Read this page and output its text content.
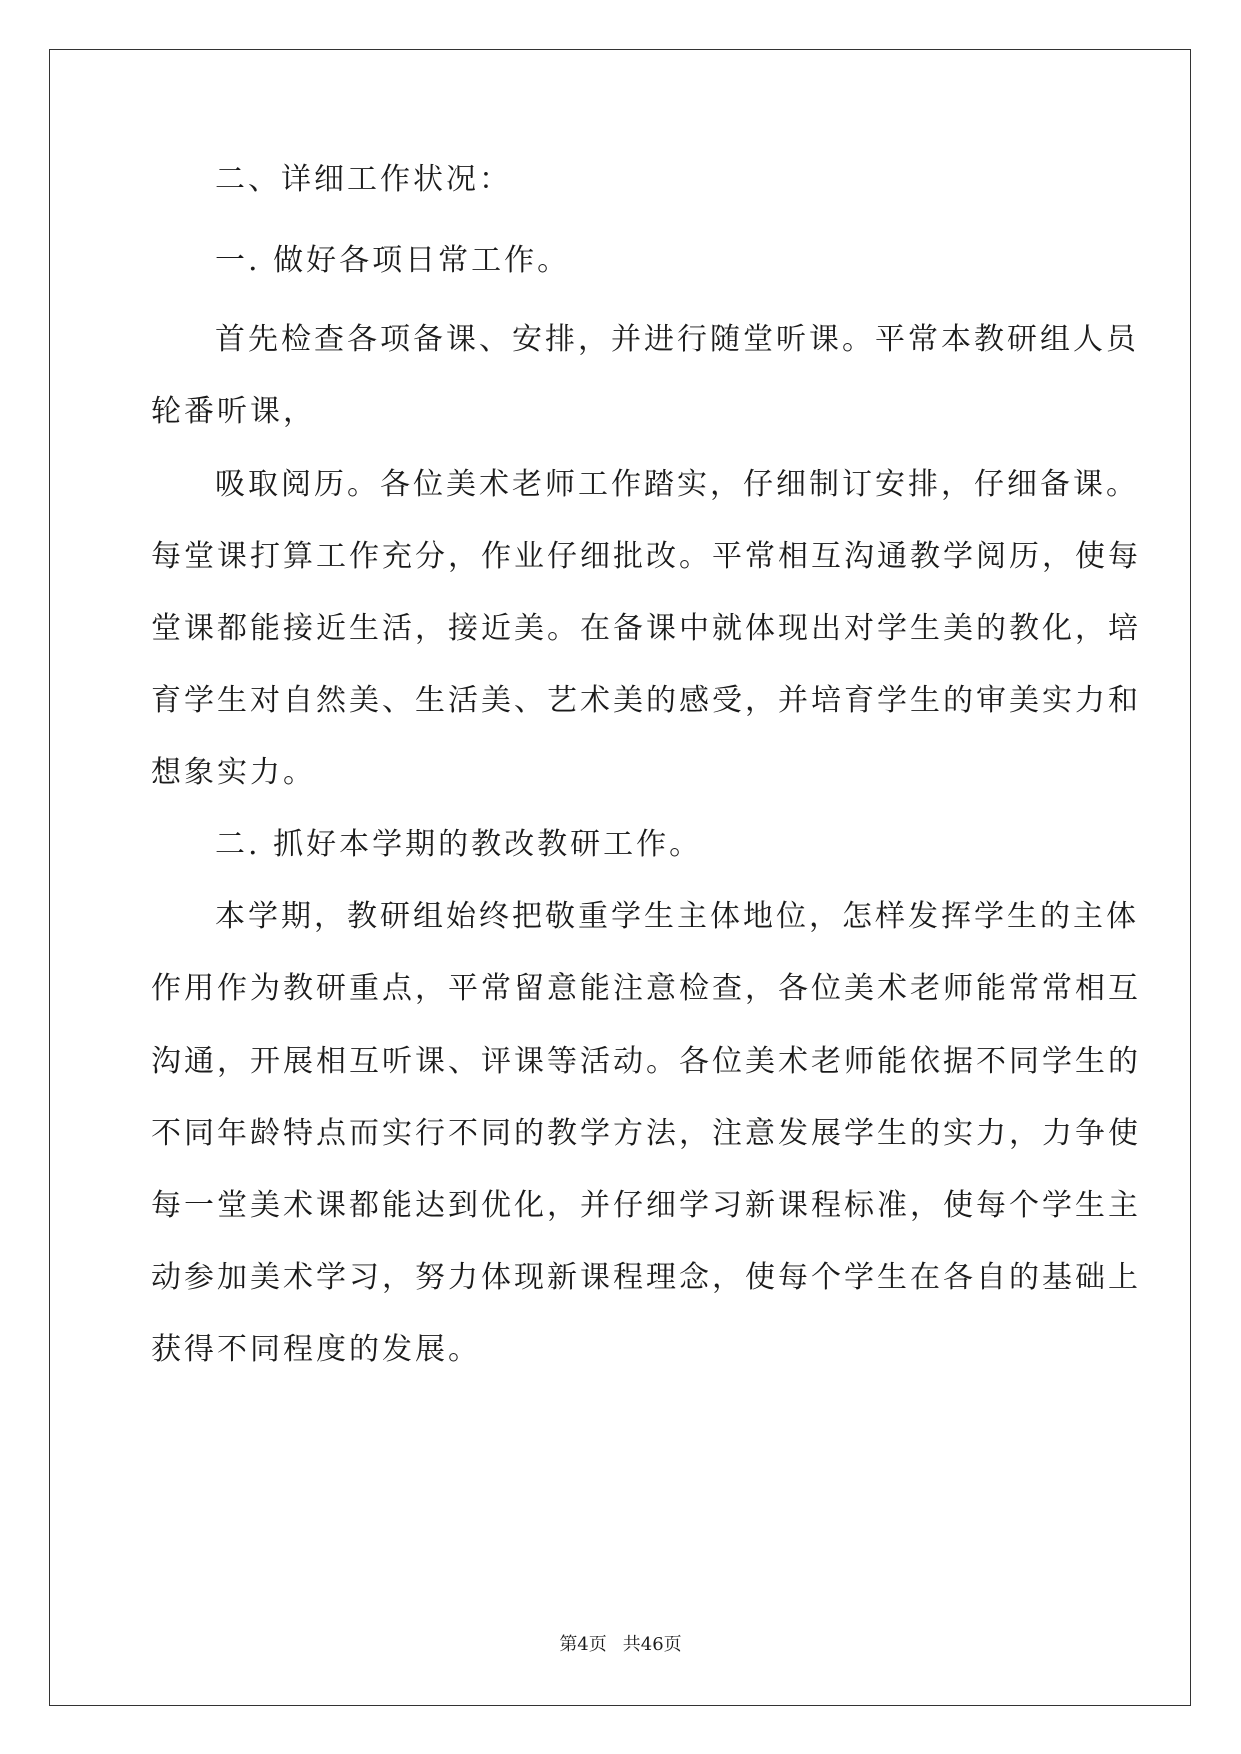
二、详细工作状况：
一. 做好各项日常工作。
首先检查各项备课、安排，并进行随堂听课。平常本教研组人员
轮番听课，
吸取阅历。各位美术老师工作踏实，仔细制订安排，仔细备课。
每堂课打算工作充分，作业仔细批改。平常相互沟通教学阅历，使每
堂课都能接近生活，接近美。在备课中就体现出对学生美的教化，培
育学生对自然美、生活美、艺术美的感受，并培育学生的审美实力和
想象实力。
二. 抓好本学期的教改教研工作。
本学期，教研组始终把敬重学生主体地位，怎样发挥学生的主体
作用作为教研重点，平常留意能注意检查，各位美术老师能常常相互
沟通，开展相互听课、评课等活动。各位美术老师能依据不同学生的
不同年龄特点而实行不同的教学方法，注意发展学生的实力，力争使
每一堂美术课都能达到优化，并仔细学习新课程标准，使每个学生主
动参加美术学习，努力体现新课程理念，使每个学生在各自的基础上
获得不同程度的发展。
第4页 共46页
